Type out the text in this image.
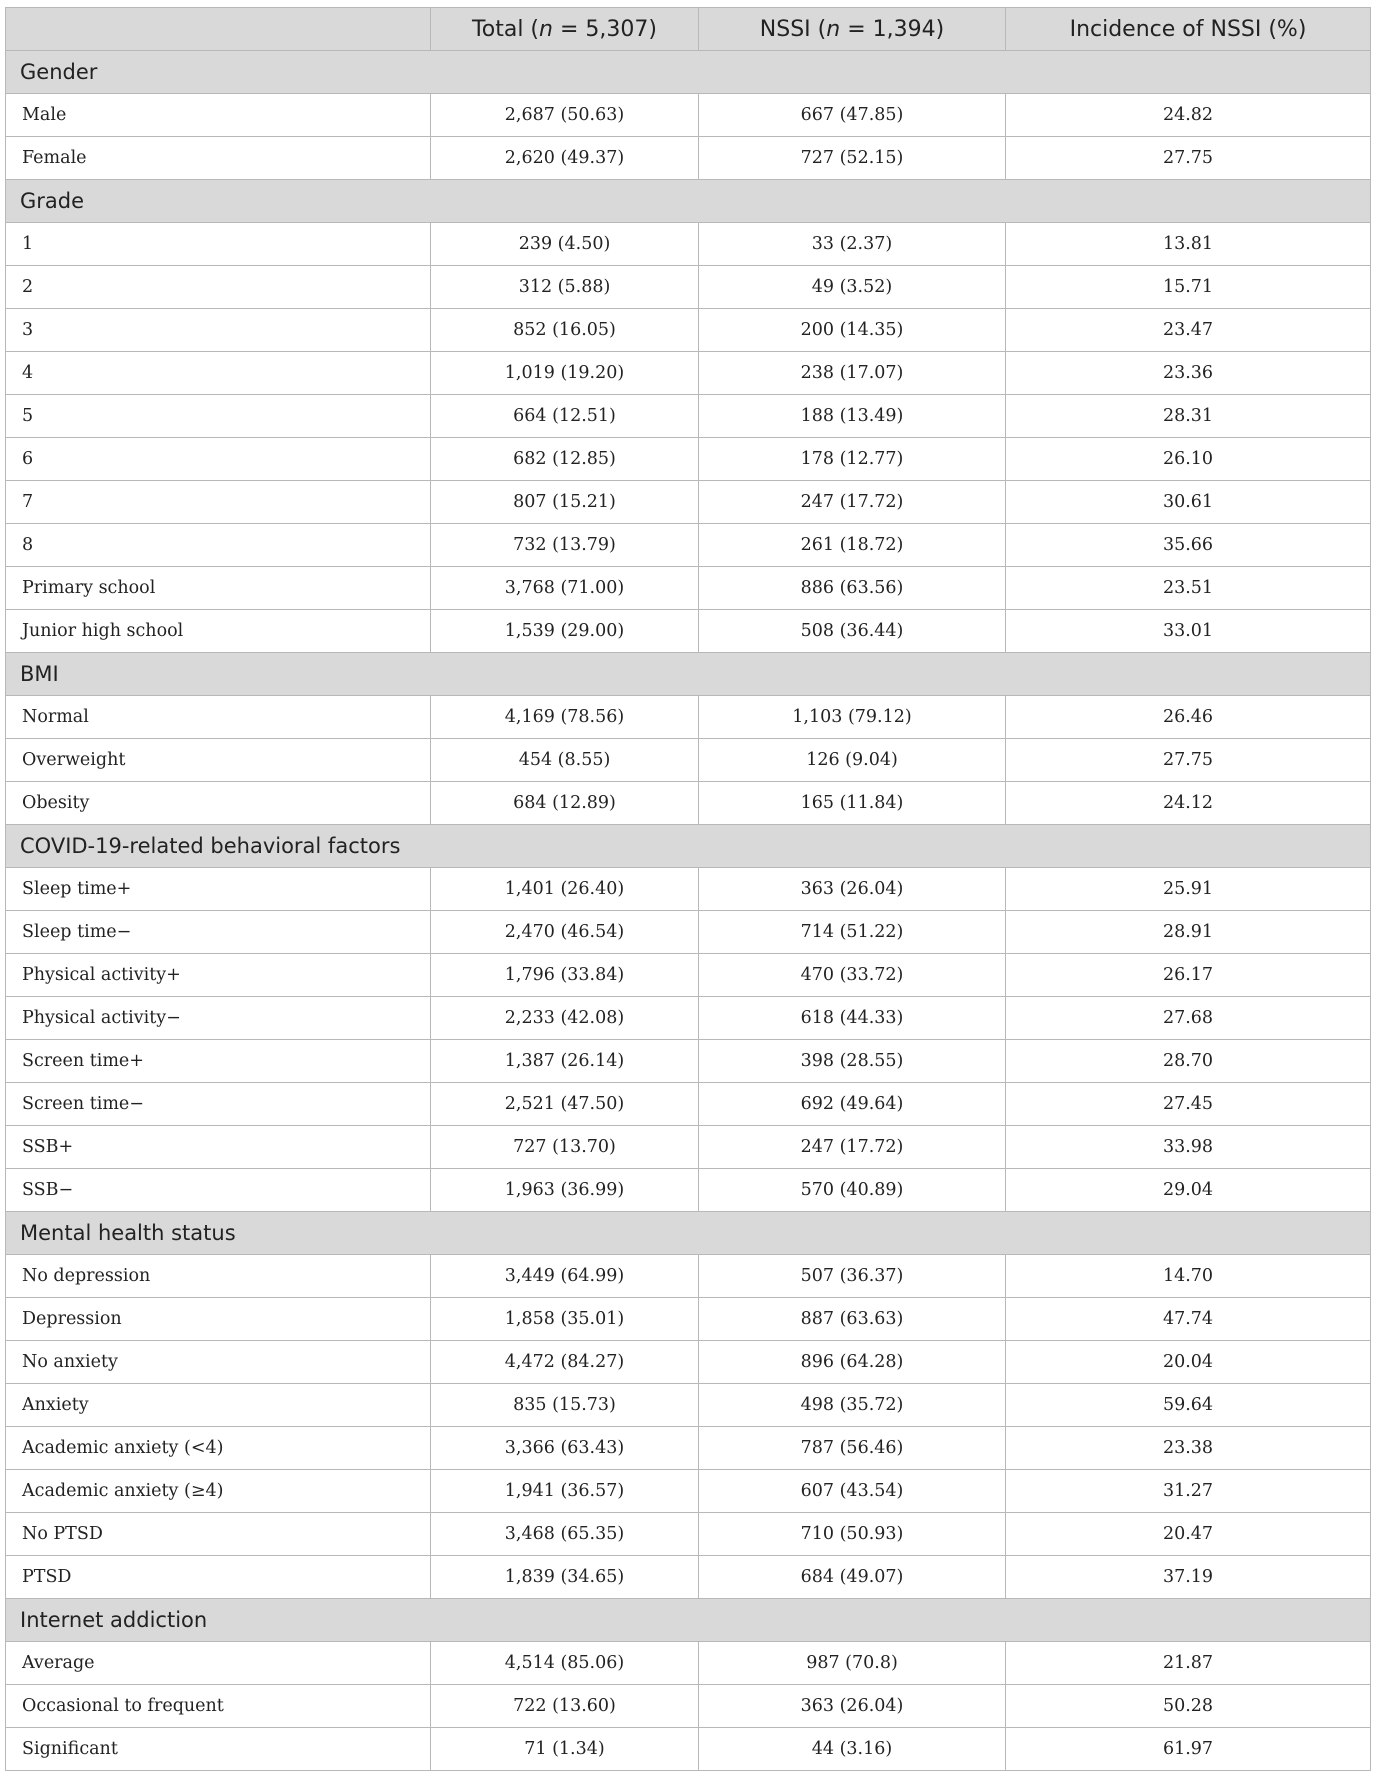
	Total (n = 5,307)	NSSI (n = 1,394)	Incidence of NSSI (%)
Gender			
Male	2,687 (50.63)	667 (47.85)	24.82
Female	2,620 (49.37)	727 (52.15)	27.75
Grade			
1	239 (4.50)	33 (2.37)	13.81
2	312 (5.88)	49 (3.52)	15.71
3	852 (16.05)	200 (14.35)	23.47
4	1,019 (19.20)	238 (17.07)	23.36
5	664 (12.51)	188 (13.49)	28.31
6	682 (12.85)	178 (12.77)	26.10
7	807 (15.21)	247 (17.72)	30.61
8	732 (13.79)	261 (18.72)	35.66
Primary school	3,768 (71.00)	886 (63.56)	23.51
Junior high school	1,539 (29.00)	508 (36.44)	33.01
BMI			
Normal	4,169 (78.56)	1,103 (79.12)	26.46
Overweight	454 (8.55)	126 (9.04)	27.75
Obesity	684 (12.89)	165 (11.84)	24.12
COVID-19-related behavioral factors			
Sleep time+	1,401 (26.40)	363 (26.04)	25.91
Sleep time−	2,470 (46.54)	714 (51.22)	28.91
Physical activity+	1,796 (33.84)	470 (33.72)	26.17
Physical activity−	2,233 (42.08)	618 (44.33)	27.68
Screen time+	1,387 (26.14)	398 (28.55)	28.70
Screen time−	2,521 (47.50)	692 (49.64)	27.45
SSB+	727 (13.70)	247 (17.72)	33.98
SSB−	1,963 (36.99)	570 (40.89)	29.04
Mental health status			
No depression	3,449 (64.99)	507 (36.37)	14.70
Depression	1,858 (35.01)	887 (63.63)	47.74
No anxiety	4,472 (84.27)	896 (64.28)	20.04
Anxiety	835 (15.73)	498 (35.72)	59.64
Academic anxiety (<4)	3,366 (63.43)	787 (56.46)	23.38
Academic anxiety (≥4)	1,941 (36.57)	607 (43.54)	31.27
No PTSD	3,468 (65.35)	710 (50.93)	20.47
PTSD	1,839 (34.65)	684 (49.07)	37.19
Internet addiction			
Average	4,514 (85.06)	987 (70.8)	21.87
Occasional to frequent	722 (13.60)	363 (26.04)	50.28
Significant	71 (1.34)	44 (3.16)	61.97
